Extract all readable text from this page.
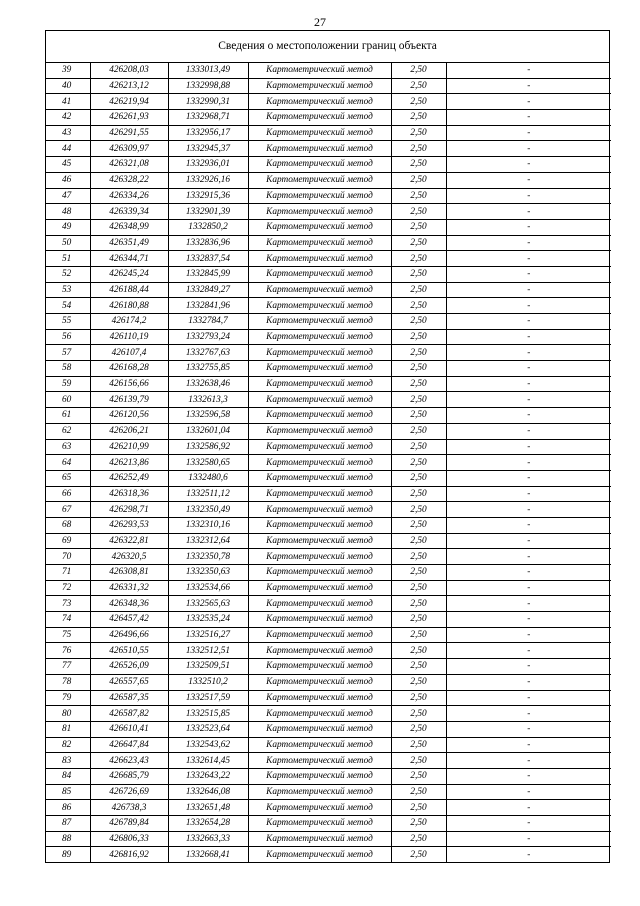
27
Сведения о местоположении границ объекта
39	426208,03	1333013,49	Картометрический метод	2,50	-
40	426213,12	1332998,88	Картометрический метод	2,50	-
41	426219,94	1332990,31	Картометрический метод	2,50	-
42	426261,93	1332968,71	Картометрический метод	2,50	-
43	426291,55	1332956,17	Картометрический метод	2,50	-
44	426309,97	1332945,37	Картометрический метод	2,50	-
45	426321,08	1332936,01	Картометрический метод	2,50	-
46	426328,22	1332926,16	Картометрический метод	2,50	-
47	426334,26	1332915,36	Картометрический метод	2,50	-
48	426339,34	1332901,39	Картометрический метод	2,50	-
49	426348,99	1332850,2	Картометрический метод	2,50	-
50	426351,49	1332836,96	Картометрический метод	2,50	-
51	426344,71	1332837,54	Картометрический метод	2,50	-
52	426245,24	1332845,99	Картометрический метод	2,50	-
53	426188,44	1332849,27	Картометрический метод	2,50	-
54	426180,88	1332841,96	Картометрический метод	2,50	-
55	426174,2	1332784,7	Картометрический метод	2,50	-
56	426110,19	1332793,24	Картометрический метод	2,50	-
57	426107,4	1332767,63	Картометрический метод	2,50	-
58	426168,28	1332755,85	Картометрический метод	2,50	-
59	426156,66	1332638,46	Картометрический метод	2,50	-
60	426139,79	1332613,3	Картометрический метод	2,50	-
61	426120,56	1332596,58	Картометрический метод	2,50	-
62	426206,21	1332601,04	Картометрический метод	2,50	-
63	426210,99	1332586,92	Картометрический метод	2,50	-
64	426213,86	1332580,65	Картометрический метод	2,50	-
65	426252,49	1332480,6	Картометрический метод	2,50	-
66	426318,36	1332511,12	Картометрический метод	2,50	-
67	426298,71	1332350,49	Картометрический метод	2,50	-
68	426293,53	1332310,16	Картометрический метод	2,50	-
69	426322,81	1332312,64	Картометрический метод	2,50	-
70	426320,5	1332350,78	Картометрический метод	2,50	-
71	426308,81	1332350,63	Картометрический метод	2,50	-
72	426331,32	1332534,66	Картометрический метод	2,50	-
73	426348,36	1332565,63	Картометрический метод	2,50	-
74	426457,42	1332535,24	Картометрический метод	2,50	-
75	426496,66	1332516,27	Картометрический метод	2,50	-
76	426510,55	1332512,51	Картометрический метод	2,50	-
77	426526,09	1332509,51	Картометрический метод	2,50	-
78	426557,65	1332510,2	Картометрический метод	2,50	-
79	426587,35	1332517,59	Картометрический метод	2,50	-
80	426587,82	1332515,85	Картометрический метод	2,50	-
81	426610,41	1332523,64	Картометрический метод	2,50	-
82	426647,84	1332543,62	Картометрический метод	2,50	-
83	426623,43	1332614,45	Картометрический метод	2,50	-
84	426685,79	1332643,22	Картометрический метод	2,50	-
85	426726,69	1332646,08	Картометрический метод	2,50	-
86	426738,3	1332651,48	Картометрический метод	2,50	-
87	426789,84	1332654,28	Картометрический метод	2,50	-
88	426806,33	1332663,33	Картометрический метод	2,50	-
89	426816,92	1332668,41	Картометрический метод	2,50	-
